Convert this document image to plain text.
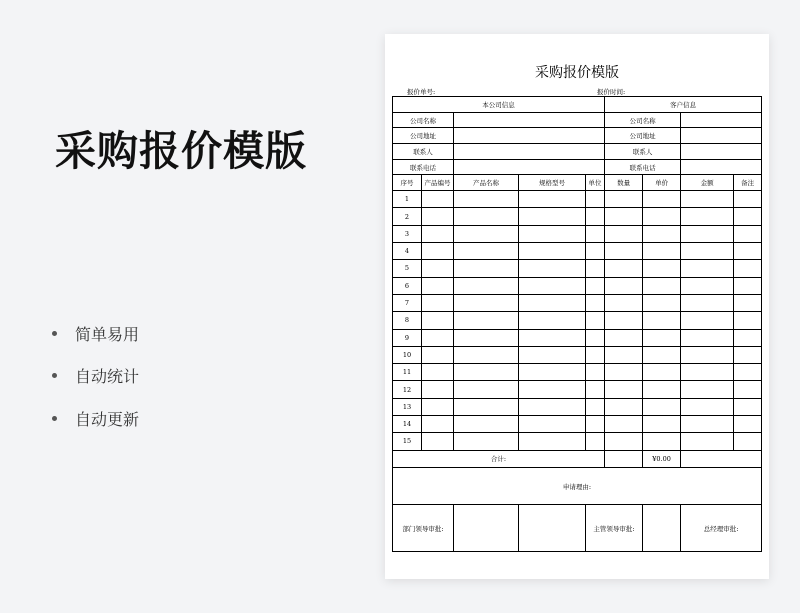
采购报价模版
简单易用
自动统计
自动更新
采购报价模版
报价单号:	报价时间:
本公司信息					客户信息			
公司名称					公司名称			
公司地址					公司地址			
联系人					联系人			
联系电话					联系电话			
序号	产品编号	产品名称	规格型号	单位	数量	单价	金额	备注
1								
2								
3								
4								
5								
6								
7								
8								
9								
10								
11								
12								
13								
14								
15								
合计:						¥0.00		
申请理由:								
部门领导审批:				主管领导审批:			总经理审批:	
